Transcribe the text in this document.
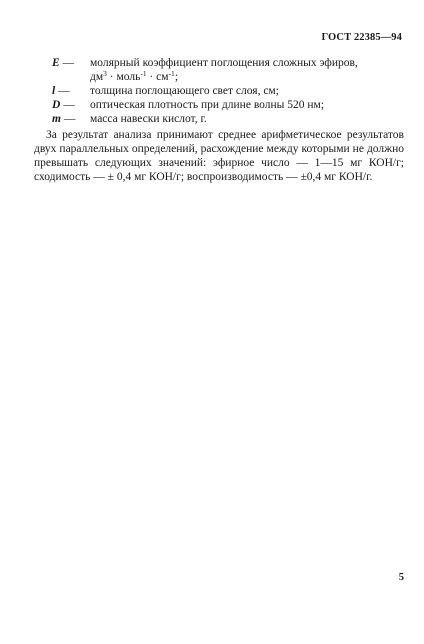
ГОСТ 22385—94
E —	молярный коэффициент поглощения сложных эфиров,
$дм^3$ · моль$^{-1}$ · $см^{-1}$;
l —	толщина поглощающего свет слоя, см;
D —	оптическая плотность при длине волны 520 нм;
m —	масса навески кислот, г.
За результат анализа принимают среднее арифметическое результатов двух параллельных определений, расхождение между которыми не должно превышать следующих значений: эфирное число — 1—15 мг КОН/г; сходимость — ± 0,4 мг КОН/г; воспроизводимость — ±0,4 мг КОН/г.
5
